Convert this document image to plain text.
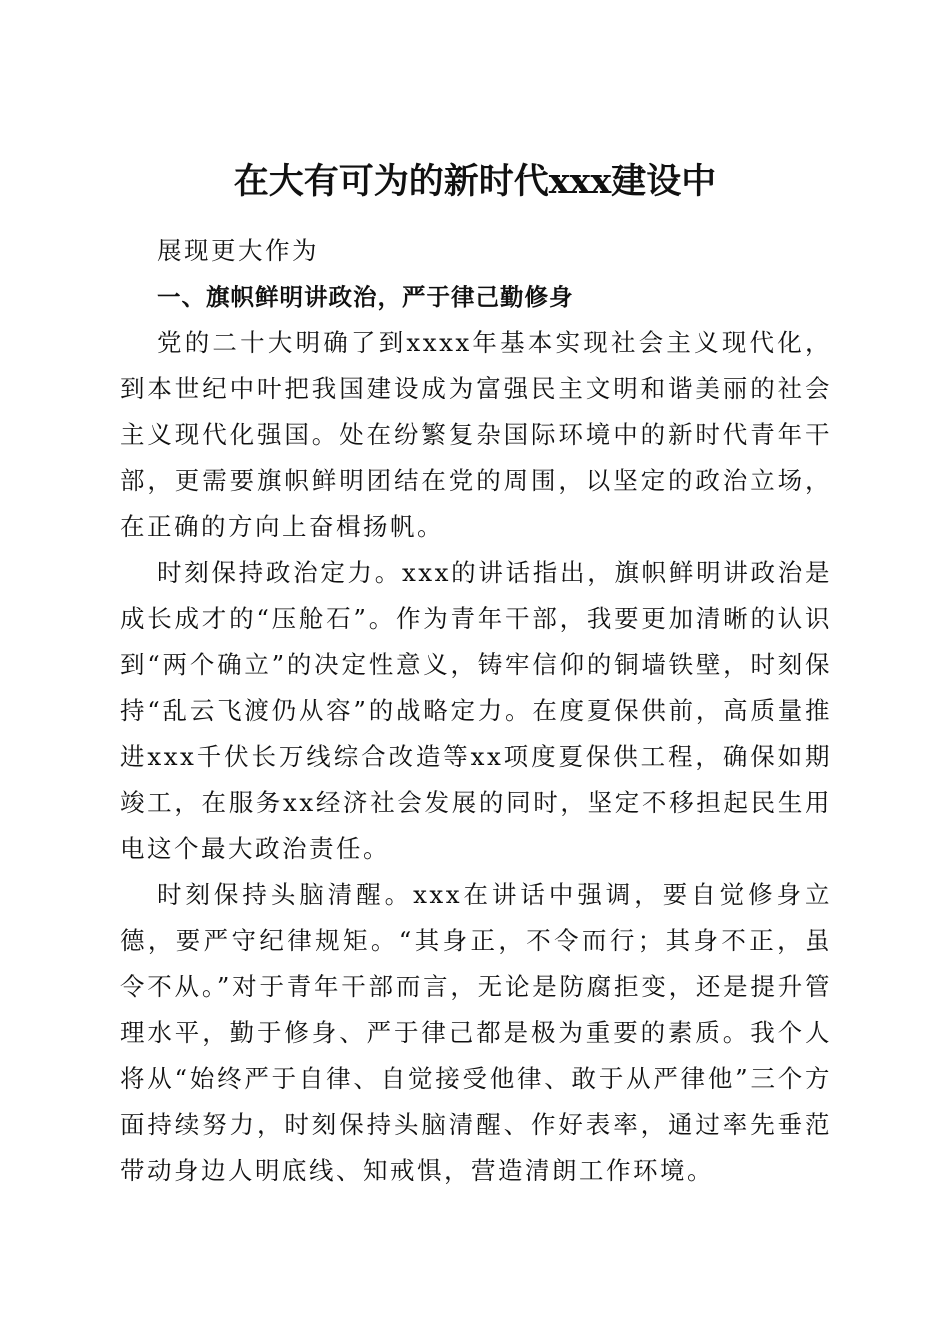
在大有可为的新时代xxx建设中

展现更大作为

一、旗帜鲜明讲政治，严于律己勤修身

党的二十大明确了到xxxx年基本实现社会主义现代化，到本世纪中叶把我国建设成为富强民主文明和谐美丽的社会主义现代化强国。处在纷繁复杂国际环境中的新时代青年干部，更需要旗帜鲜明团结在党的周围，以坚定的政治立场，在正确的方向上奋楫扬帆。

时刻保持政治定力。xxx的讲话指出，旗帜鲜明讲政治是成长成才的“压舱石”。作为青年干部，我要更加清晰的认识到“两个确立”的决定性意义，铸牢信仰的铜墙铁壁，时刻保持“乱云飞渡仍从容”的战略定力。在度夏保供前，高质量推进xxx千伏长万线综合改造等xx项度夏保供工程，确保如期竣工，在服务xx经济社会发展的同时，坚定不移担起民生用电这个最大政治责任。

时刻保持头脑清醒。xxx在讲话中强调，要自觉修身立德，要严守纪律规矩。“其身正，不令而行；其身不正，虽令不从。”对于青年干部而言，无论是防腐拒变，还是提升管理水平，勤于修身、严于律己都是极为重要的素质。我个人将从“始终严于自律、自觉接受他律、敢于从严律他”三个方面持续努力，时刻保持头脑清醒、作好表率，通过率先垂范带动身边人明底线、知戒惧，营造清朗工作环境。
